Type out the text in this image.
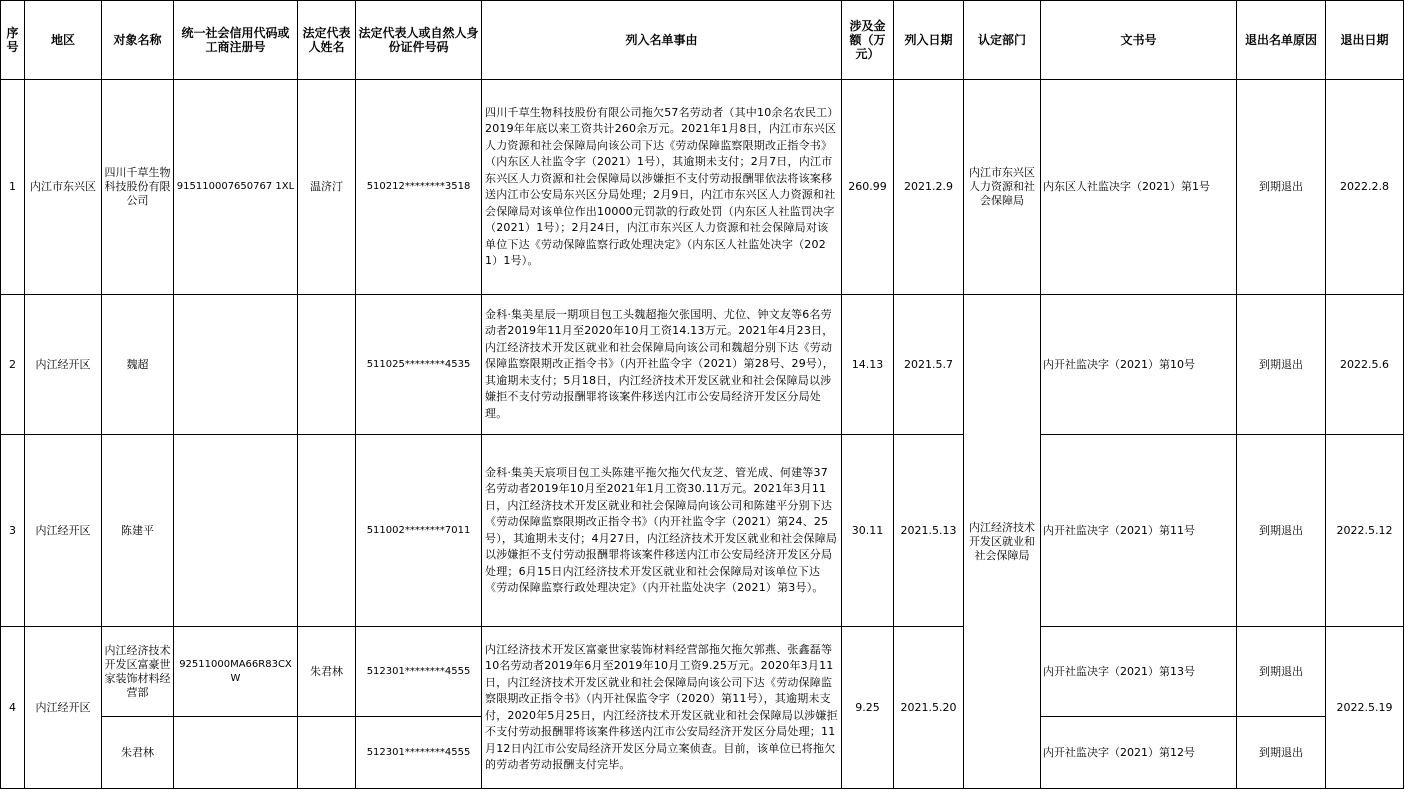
序号	地区	对象名称	统一社会信用代码或工商注册号	法定代表人姓名	法定代表人或自然人身份证件号码	列入名单事由	涉及金额（万元）	列入日期	认定部门	文书号	退出名单原因	退出日期
1	内江市东兴区	四川千草生物科技股份有限公司	915110007650767 1XL	温济汀	510212********3518	四川千草生物科技股份有限公司拖欠57名劳动者（其中10余名农民工）2019年年底以来工资共计260余万元。2021年1月8日，内江市东兴区人力资源和社会保障局向该公司下达《劳动保障监察限期改正指令书》（内东区人社监令字（2021）1号），其逾期未支付；2月7日，内江市东兴区人力资源和社会保障局以涉嫌拒不支付劳动报酬罪依法将该案移送内江市公安局东兴区分局处理；2月9日，内江市东兴区人力资源和社会保障局对该单位作出10000元罚款的行政处罚（内东区人社监罚决字（2021）1号）；2月24日，内江市东兴区人力资源和社会保障局对该单位下达《劳动保障监察行政处理决定》（内东区人社监处决字（2021）1号）。	260.99	2021.2.9	内江市东兴区人力资源和社会保障局	内东区人社监决字（2021）第1号	到期退出	2022.2.8
2	内江经开区	魏超			511025********4535	金科·集美星辰一期项目包工头魏超拖欠张国明、尤位、钟文友等6名劳动者2019年11月至2020年10月工资14.13万元。2021年4月23日，内江经济技术开发区就业和社会保障局向该公司和魏超分别下达《劳动保障监察限期改正指令书》（内开社监令字（2021）第28号、29号），其逾期未支付；5月18日，内江经济技术开发区就业和社会保障局以涉嫌拒不支付劳动报酬罪将该案件移送内江市公安局经济开发区分局处理。	14.13	2021.5.7	内江经济技术开发区就业和社会保障局	内开社监决字（2021）第10号	到期退出	2022.5.6
3	内江经开区	陈建平			511002********7011	金科·集美天宸项目包工头陈建平拖欠拖欠代友芝、管光成、何建等37名劳动者2019年10月至2021年1月工资30.11万元。2021年3月11日，内江经济技术开发区就业和社会保障局向该公司和陈建平分别下达《劳动保障监察限期改正指令书》（内开社监令字（2021）第24、25号），其逾期未支付；4月27日，内江经济技术开发区就业和社会保障局以涉嫌拒不支付劳动报酬罪将该案件移送内江市公安局经济开发区分局处理；6月15日内江经济技术开发区就业和社会保障局对该单位下达《劳动保障监察行政处理决定》（内开社监处决字（2021）第3号）。	30.11	2021.5.13		内开社监决字（2021）第11号	到期退出	2022.5.12
4	内江经开区	内江经济技术开发区富豪世家装饰材料经营部	92511000MA66R83CXW	朱君林	512301********4555	内江经济技术开发区富豪世家装饰材料经营部拖欠拖欠郭燕、张鑫磊等10名劳动者2019年6月至2019年10月工资9.25万元。2020年3月11日，内江经济技术开发区就业和社会保障局向该公司下达《劳动保障监察限期改正指令书》（内开社保监令字（2020）第11号），其逾期未支付，2020年5月25日，内江经济技术开发区就业和社会保障局以涉嫌拒不支付劳动报酬罪将该案件移送内江市公安局经济开发区分局处理；11月12日内江市公安局经济开发区分局立案侦查。目前，该单位已将拖欠的劳动者劳动报酬支付完毕。	9.25	2021.5.20		内开社监决字（2021）第13号	到期退出	2022.5.19
		朱君林			512301********4555					内开社监决字（2021）第12号	到期退出	
